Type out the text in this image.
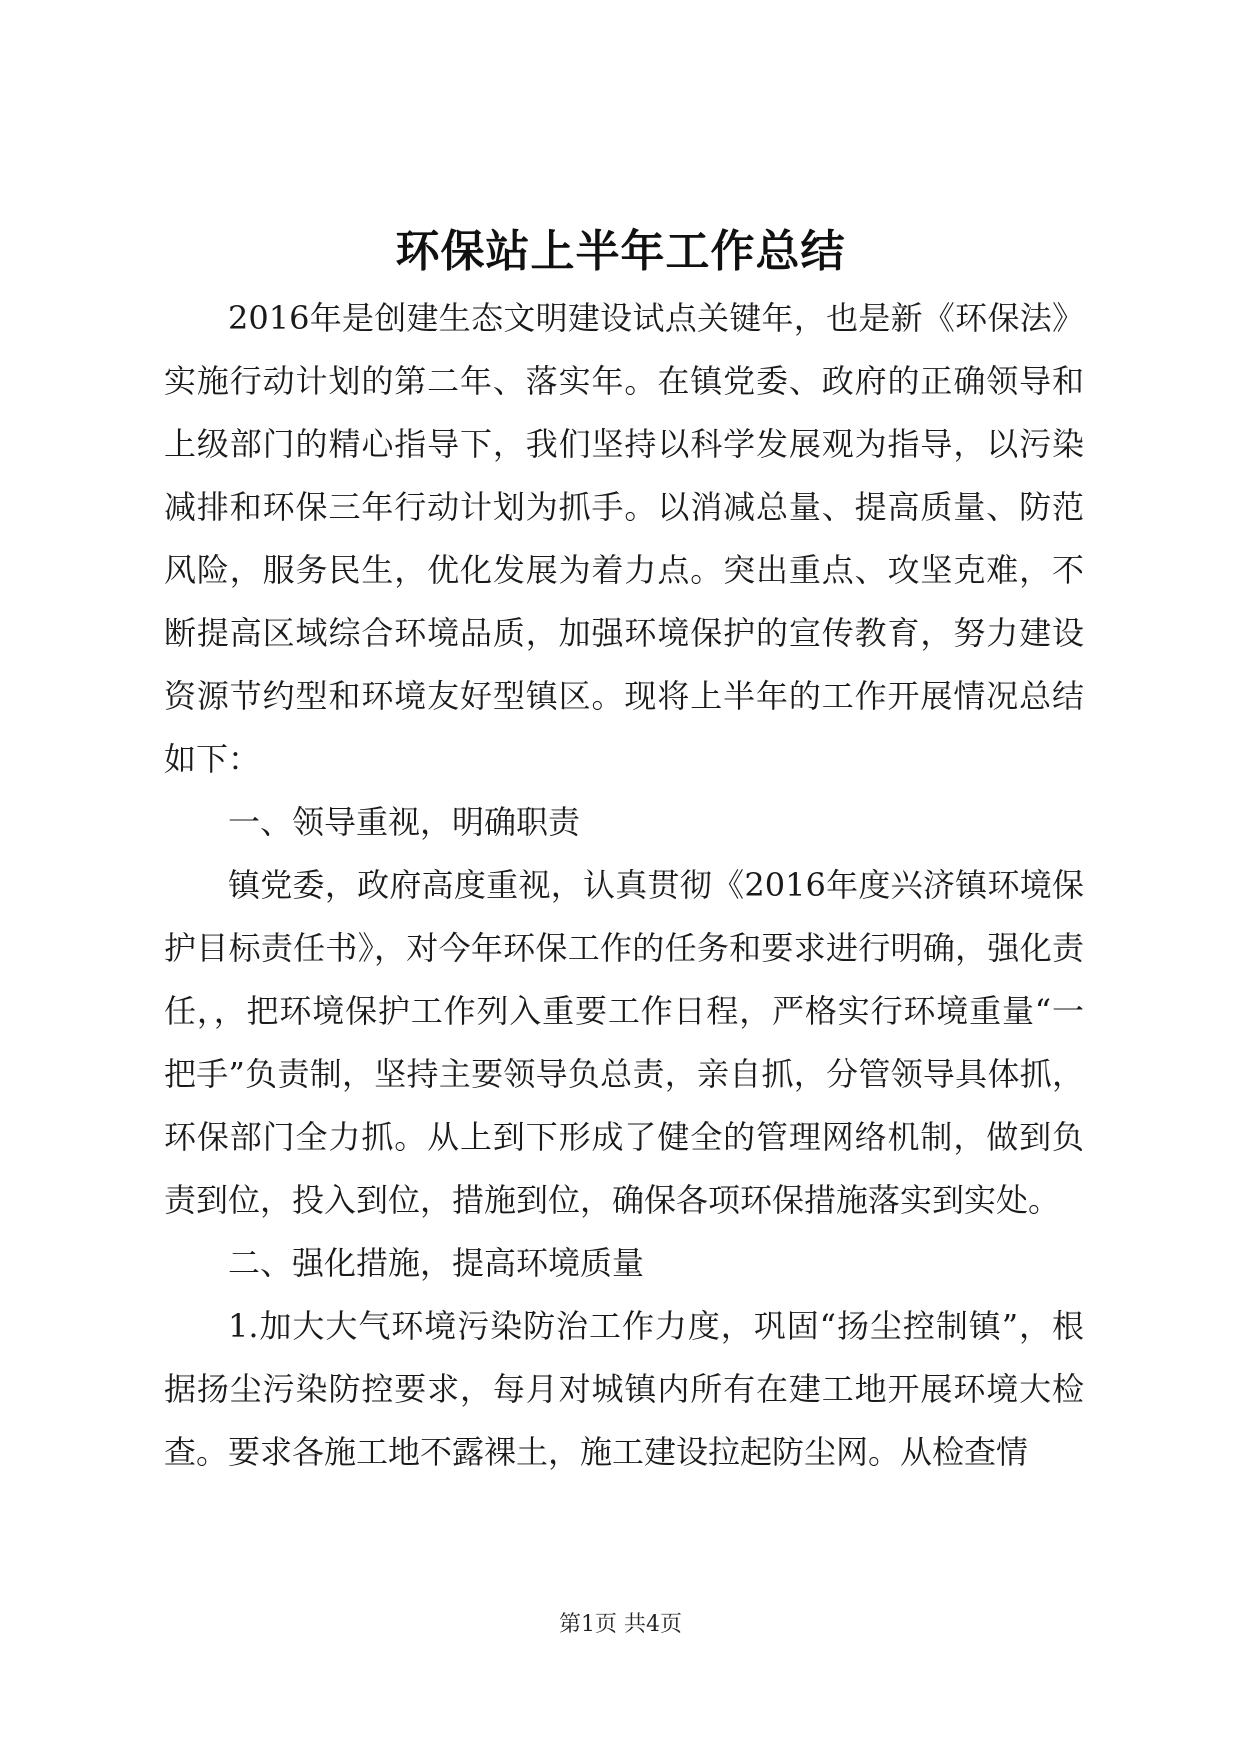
环保站上半年工作总结

2016年是创建生态文明建设试点关键年，也是新《环保法》实施行动计划的第二年、落实年。在镇党委、政府的正确领导和上级部门的精心指导下，我们坚持以科学发展观为指导，以污染减排和环保三年行动计划为抓手。以消减总量、提高质量、防范风险，服务民生，优化发展为着力点。突出重点、攻坚克难，不断提高区域综合环境品质，加强环境保护的宣传教育，努力建设资源节约型和环境友好型镇区。现将上半年的工作开展情况总结如下：

一、领导重视，明确职责

镇党委，政府高度重视，认真贯彻《2016年度兴济镇环境保护目标责任书》，对今年环保工作的任务和要求进行明确，强化责任，，把环境保护工作列入重要工作日程，严格实行环境重量“一把手”负责制，坚持主要领导负总责，亲自抓，分管领导具体抓，环保部门全力抓。从上到下形成了健全的管理网络机制，做到负责到位，投入到位，措施到位，确保各项环保措施落实到实处。

二、强化措施，提高环境质量

1.加大大气环境污染防治工作力度，巩固“扬尘控制镇”，根据扬尘污染防控要求，每月对城镇内所有在建工地开展环境大检查。要求各施工地不露裸土，施工建设拉起防尘网。从检查情

第1页 共4页
